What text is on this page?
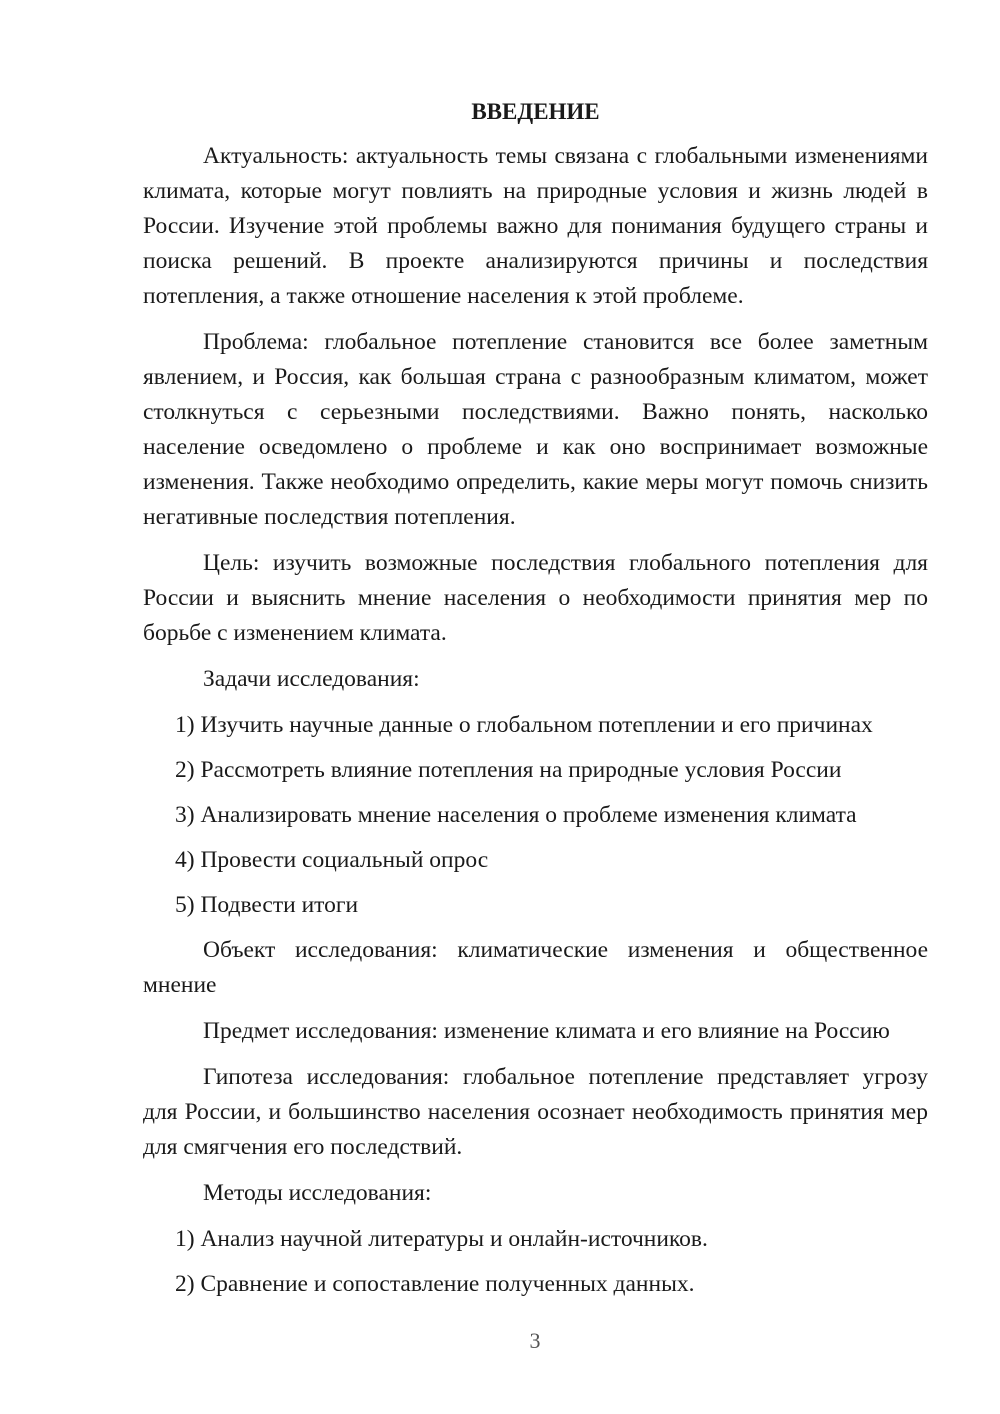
ВВЕДЕНИЕ

Актуальность: актуальность темы связана с глобальными изменениями климата, которые могут повлиять на природные условия и жизнь людей в России. Изучение этой проблемы важно для понимания будущего страны и поиска решений. В проекте анализируются причины и последствия потепления, а также отношение населения к этой проблеме.

Проблема: глобальное потепление становится все более заметным явлением, и Россия, как большая страна с разнообразным климатом, может столкнуться с серьезными последствиями. Важно понять, насколько население осведомлено о проблеме и как оно воспринимает возможные изменения. Также необходимо определить, какие меры могут помочь снизить негативные последствия потепления.

Цель: изучить возможные последствия глобального потепления для России и выяснить мнение населения о необходимости принятия мер по борьбе с изменением климата.

Задачи исследования:

1) Изучить научные данные о глобальном потеплении и его причинах
2) Рассмотреть влияние потепления на природные условия России
3) Анализировать мнение населения о проблеме изменения климата
4) Провести социальный опрос
5) Подвести итоги

Объект исследования: климатические изменения и общественное мнение

Предмет исследования: изменение климата и его влияние на Россию

Гипотеза исследования: глобальное потепление представляет угрозу для России, и большинство населения осознает необходимость принятия мер для смягчения его последствий.

Методы исследования:

1) Анализ научной литературы и онлайн-источников.
2) Сравнение и сопоставление полученных данных.
3
